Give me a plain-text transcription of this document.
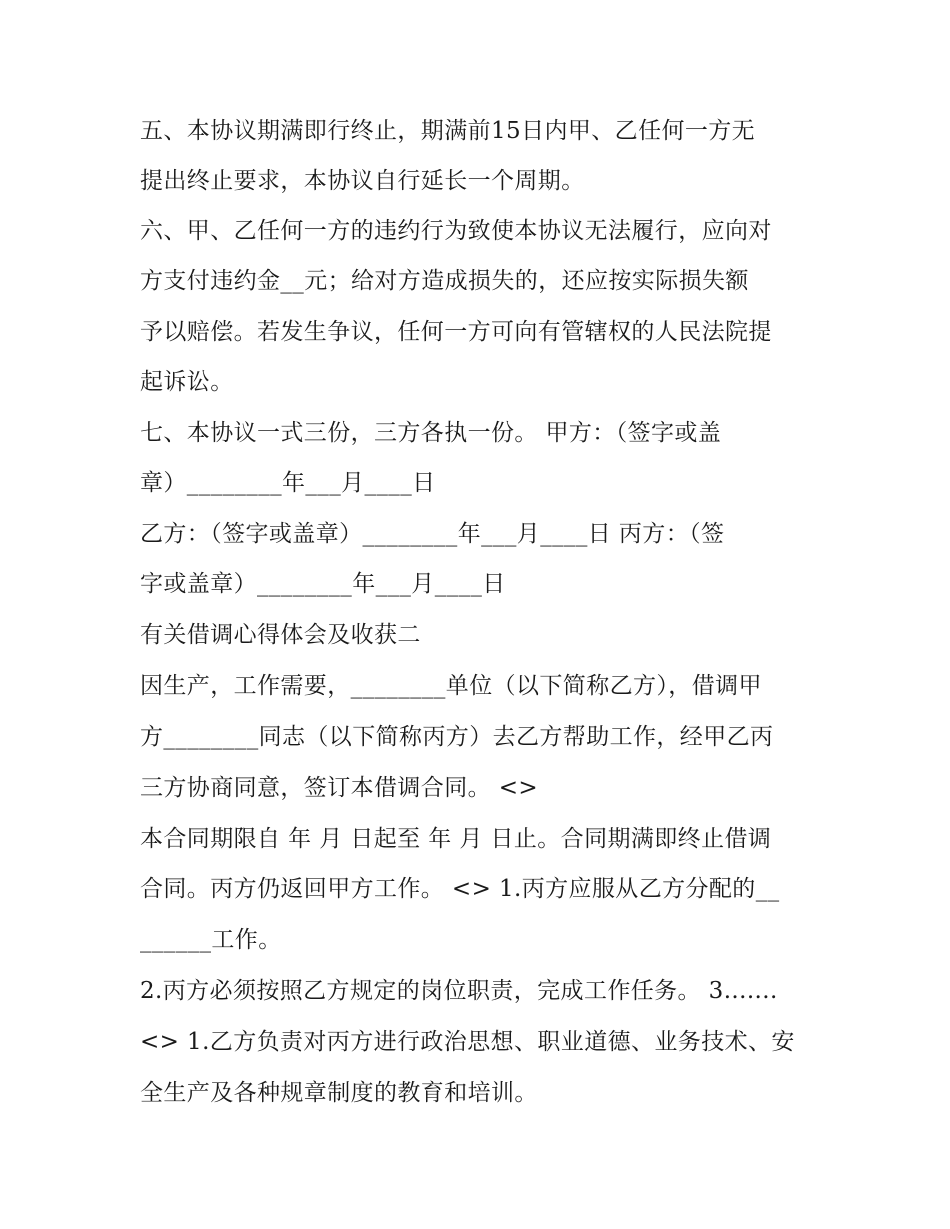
五、本协议期满即行终止，期满前15日内甲、乙任何一方无

提出终止要求，本协议自行延长一个周期。

六、甲、乙任何一方的违约行为致使本协议无法履行，应向对

方支付违约金__元；给对方造成损失的，还应按实际损失额

予以赔偿。若发生争议，任何一方可向有管辖权的人民法院提

起诉讼。

七、本协议一式三份，三方各执一份。 甲方：（签字或盖

章）________年___月____日

乙方：（签字或盖章）________年___月____日 丙方：（签

字或盖章）________年___月____日

有关借调心得体会及收获二

因生产，工作需要，________单位（以下简称乙方），借调甲

方________同志（以下简称丙方）去乙方帮助工作，经甲乙丙

三方协商同意，签订本借调合同。 <>

本合同期限自 年 月 日起至 年 月 日止。合同期满即终止借调

合同。丙方仍返回甲方工作。 <> 1.丙方应服从乙方分配的__

______工作。

2.丙方必须按照乙方规定的岗位职责，完成工作任务。 3.......

<> 1.乙方负责对丙方进行政治思想、职业道德、业务技术、安

全生产及各种规章制度的教育和培训。
